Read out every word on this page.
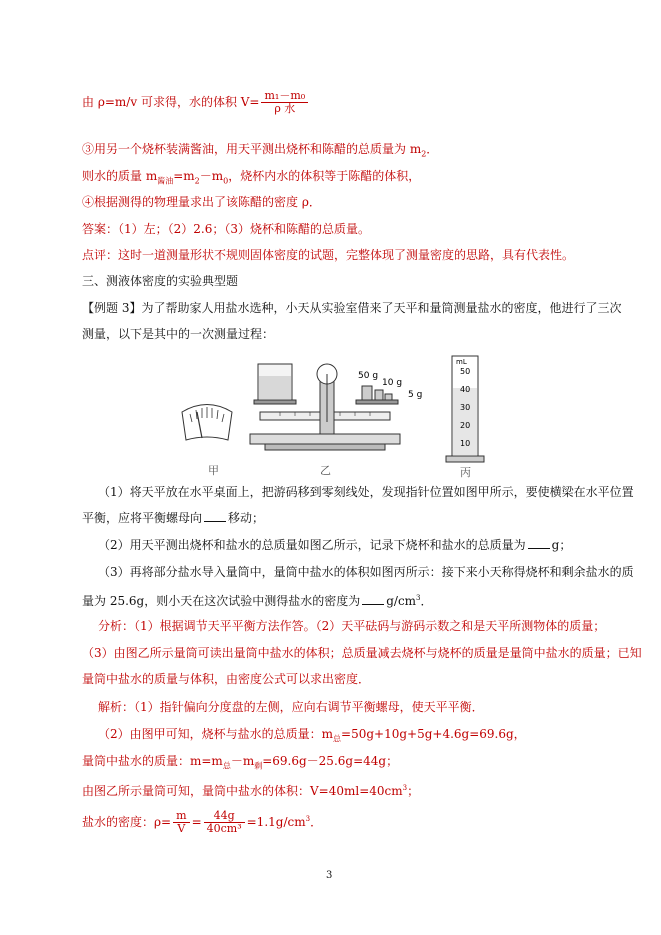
由 ρ=m/v 可求得，水的体积 $V= \frac{\text{m₁－m₀}}{\text{ρ 水}}$
③用另一个烧杯装满酱油，用天平测出烧杯和陈醋的总质量为 $m_2$．
则水的质量 $m_{酱油}=m_2-m_0$，烧杯内水的体积等于陈醋的体积，
④根据测得的物理量求出了该陈醋的密度 ρ．
答案：（1）左；（2）2.6；（3）烧杯和陈醋的总质量。
点评：这时一道测量形状不规则固体密度的试题，完整体现了测量密度的思路，具有代表性。
三、测液体密度的实验典型题
【例题 3】为了帮助家人用盐水选种，小天从实验室借来了天平和量筒测量盐水的密度，他进行了三次
测量，以下是其中的一次测量过程：
50 g
10 g
5 g
mL
50
40
30
20
10
甲	乙	丙
（1）将天平放在水平桌面上，把游码移到零刻线处，发现指针位置如图甲所示，要使横梁在水平位置
平衡，应将平衡螺母向 移动；
（2）用天平测出烧杯和盐水的总质量如图乙所示，记录下烧杯和盐水的总质量为 g；
（3）再将部分盐水导入量筒中，量筒中盐水的体积如图丙所示：接下来小天称得烧杯和剩余盐水的质
量为 25.6g，则小天在这次试验中测得盐水的密度为 $g/cm^3$．
分析：（1）根据调节天平平衡方法作答。（2）天平砝码与游码示数之和是天平所测物体的质量；
（3）由图乙所示量筒可读出量筒中盐水的体积；总质量减去烧杯与烧杯的质量是量筒中盐水的质量；已知
量筒中盐水的质量与体积，由密度公式可以求出密度．
解析：（1）指针偏向分度盘的左侧，应向右调节平衡螺母，使天平平衡．
（2）由图甲可知，烧杯与盐水的总质量：$m_总=50g+10g+5g+4.6g=69.6g$，
量筒中盐水的质量：$m=m_总-m_剩=69.6g-25.6g=44g$；
由图乙所示量筒可知，量筒中盐水的体积：$V=40ml=40cm^3$；
盐水的密度：$\rho= \frac{m}{V} = \frac{44g}{\text{40cm³}} =1.1g/cm^3$．
3
